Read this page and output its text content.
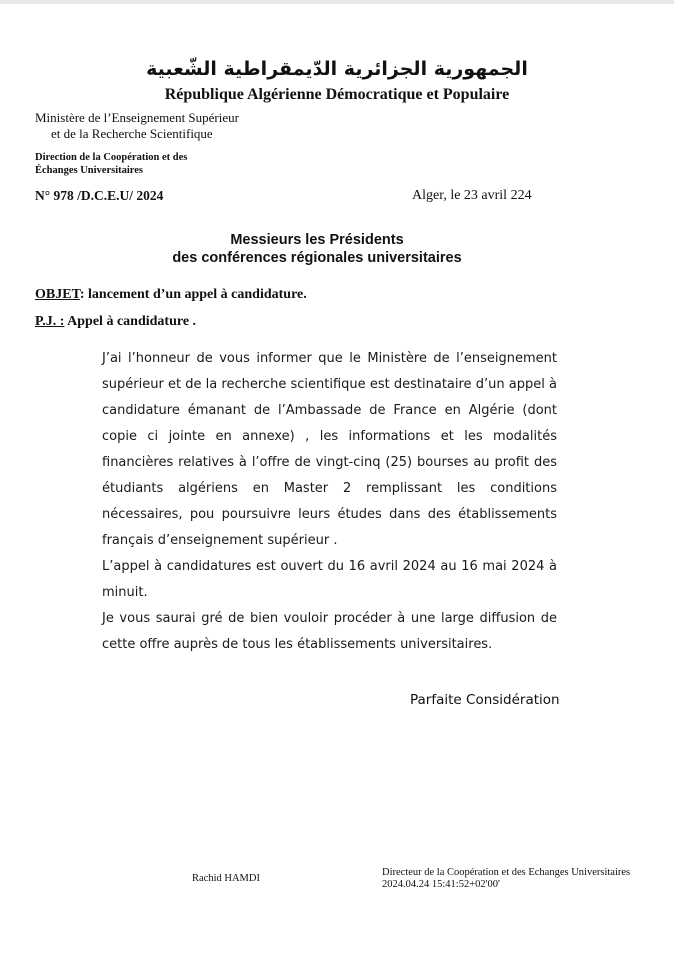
الجمهورية الجزائرية الدّيمقراطية الشّعبية
République Algérienne Démocratique et Populaire
Ministère de l’Enseignement Supérieur
et de la Recherche Scientifique
Direction de la Coopération et des
Échanges Universitaires
N° 978 /D.C.E.U/ 2024	Alger, le 23 avril 224
Messieurs les Présidents
des conférences régionales universitaires
OBJET: lancement d’un appel à candidature.
P.J. : Appel à candidature .

J’ai l’honneur de vous informer que le Ministère de l’enseignement supérieur et de la recherche scientifique est destinataire d’un appel à candidature émanant de l’Ambassade de France en Algérie (dont copie ci jointe en annexe) , les informations et les modalités financières relatives à l’offre de vingt-cinq (25) bourses au profit des étudiants algériens en Master 2 remplissant les conditions nécessaires, pou poursuivre leurs études dans des établissements français d’enseignement supérieur .

L’appel à candidatures est ouvert du 16 avril 2024 au 16 mai 2024 à minuit.

Je vous saurai gré de bien vouloir procéder à une large diffusion de cette offre auprès de tous les établissements universitaires.

Parfaite Considération
Rachid HAMDI
Directeur de la Coopération et des Echanges Universitaires
2024.04.24 15:41:52+02'00'
